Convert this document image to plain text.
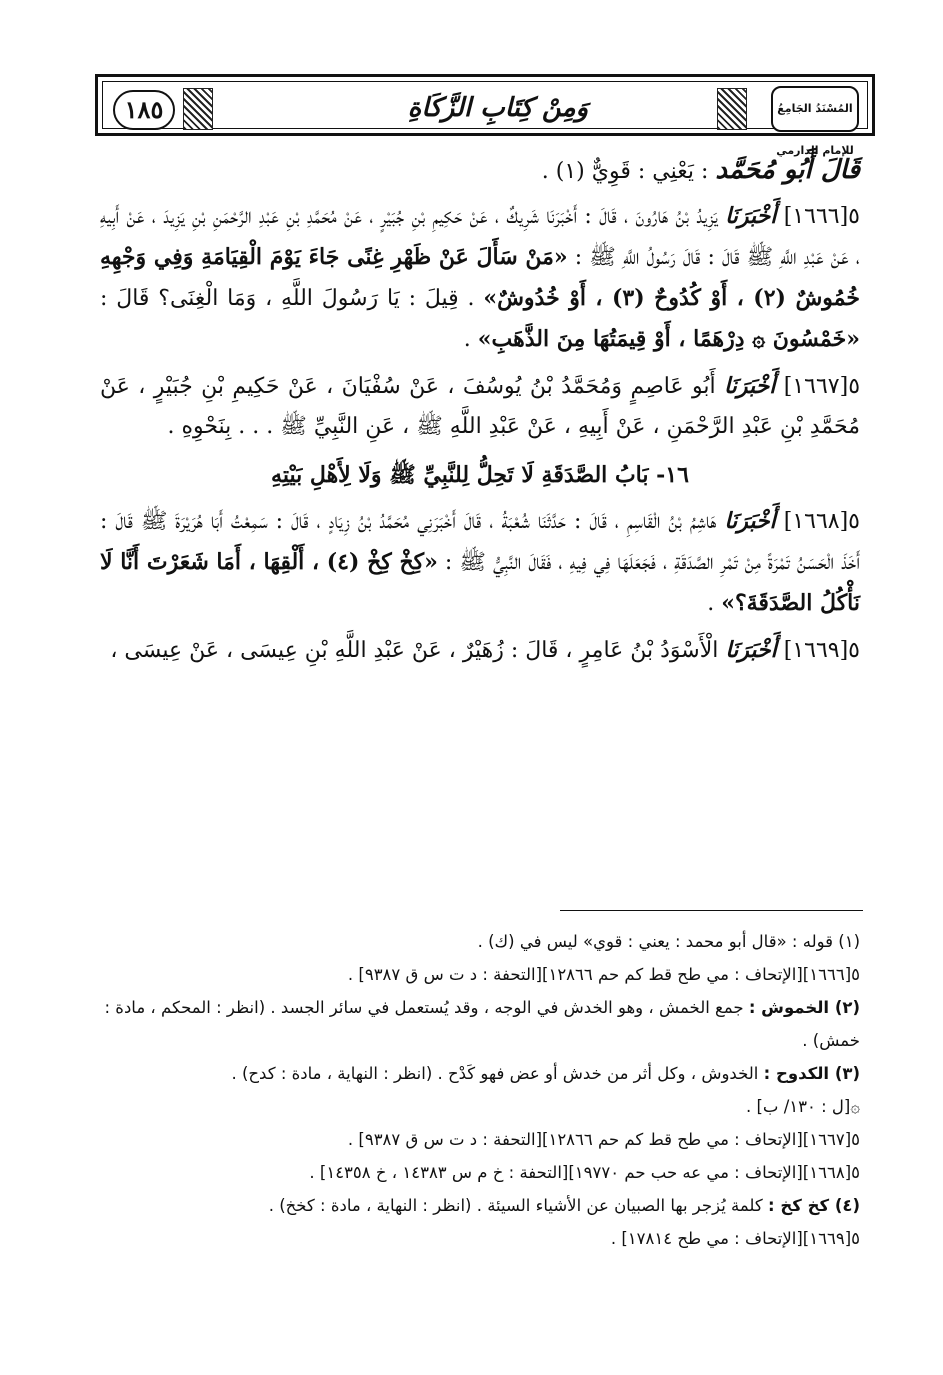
١٨٥	وَمِنْ كِتَابِ الزَّكَاةِ	المُسْنَدُ الجَامِعُ للإمام الدارمي

قَالَ أَبُو مُحَمَّد : يَعْنِي : قَوِيٌّ (١) .

٥[١٦٦٦] أَخْبَرَنَا يَزِيدُ بْنُ هَارُونَ ، قَالَ : أَخْبَرَنَا شَرِيكٌ ، عَنْ حَكِيمِ بْنِ جُبَيْرٍ ، عَنْ مُحَمَّدِ بْنِ عَبْدِ الرَّحْمَنِ بْنِ يَزِيدَ ، عَنْ أَبِيهِ ، عَنْ عَبْدِ اللَّهِ ﷺ قَالَ : قَالَ رَسُولُ اللَّهِ ﷺ : «مَنْ سَأَلَ عَنْ ظَهْرِ غِنًى جَاءَ يَوْمَ الْقِيَامَةِ وَفِي وَجْهِهِ خُمُوشٌ (٢) ، أَوْ كُدُوحٌ (٣) ، أَوْ خُدُوشٌ» . قِيلَ : يَا رَسُولَ اللَّهِ ، وَمَا الْغِنَى؟ قَالَ : «خَمْسُونَ ۞ دِرْهَمًا ، أَوْ قِيمَتُهَا مِنَ الذَّهَبِ» .

٥[١٦٦٧] أَخْبَرَنَا أَبُو عَاصِمٍ وَمُحَمَّدُ بْنُ يُوسُفَ ، عَنْ سُفْيَانَ ، عَنْ حَكِيمِ بْنِ جُبَيْرٍ ، عَنْ مُحَمَّدِ بْنِ عَبْدِ الرَّحْمَنِ ، عَنْ أَبِيهِ ، عَنْ عَبْدِ اللَّهِ ﷺ ، عَنِ النَّبِيِّ ﷺ . . . بِنَحْوِهِ .

١٦- بَابُ الصَّدَقَةِ لَا تَحِلُّ لِلنَّبِيِّ ﷺ وَلَا لِأَهْلِ بَيْتِهِ

٥[١٦٦٨] أَخْبَرَنَا هَاشِمُ بْنُ الْقَاسِمِ ، قَالَ : حَدَّثَنَا شُعْبَةُ ، قَالَ أَخْبَرَنِي مُحَمَّدُ بْنُ زِيَادٍ ، قَالَ : سَمِعْتُ أَبَا هُرَيْرَةَ ﷺ قَالَ : أَخَذَ الْحَسَنُ تَمْرَةً مِنْ تَمْرِ الصَّدَقَةِ ، فَجَعَلَهَا فِي فِيهِ ، فَقَالَ النَّبِيُّ ﷺ : «كِخْ كِخْ (٤) ، أَلْقِهَا ، أَمَا شَعَرْتَ أَنَّا لَا نَأْكُلُ الصَّدَقَةَ؟» .

٥[١٦٦٩] أَخْبَرَنَا الْأَسْوَدُ بْنُ عَامِرٍ ، قَالَ : زُهَيْرٌ ، عَنْ عَبْدِ اللَّهِ بْنِ عِيسَى ، عَنْ عِيسَى ،

(١) قوله : «قال أبو محمد : يعني : قوي» ليس في (ك) .

٥[١٦٦٦][الإتحاف : مي طح قط كم حم ١٢٨٦٦][التحفة : د ت س ق ٩٣٨٧] .

(٢) الخموش : جمع الخمش ، وهو الخدش في الوجه ، وقد يُستعمل في سائر الجسد . (انظر : المحكم ، مادة : خمش) .

(٣) الكدوح : الخدوش ، وكل أثر من خدش أو عض فهو كَدْح . (انظر : النهاية ، مادة : كدح) .

۞[ل : ١٣٠/ ب] .

٥[١٦٦٧][الإتحاف : مي طح قط كم حم ١٢٨٦٦][التحفة : د ت س ق ٩٣٨٧] .

٥[١٦٦٨][الإتحاف : مي عه حب حم ١٩٧٧٠][التحفة : خ م س ١٤٣٨٣ ، خ ١٤٣٥٨] .

(٤) كخ كخ : كلمة يُزجر بها الصبيان عن الأشياء السيئة . (انظر : النهاية ، مادة : كخخ) .

٥[١٦٦٩][الإتحاف : مي طح ١٧٨١٤] .
